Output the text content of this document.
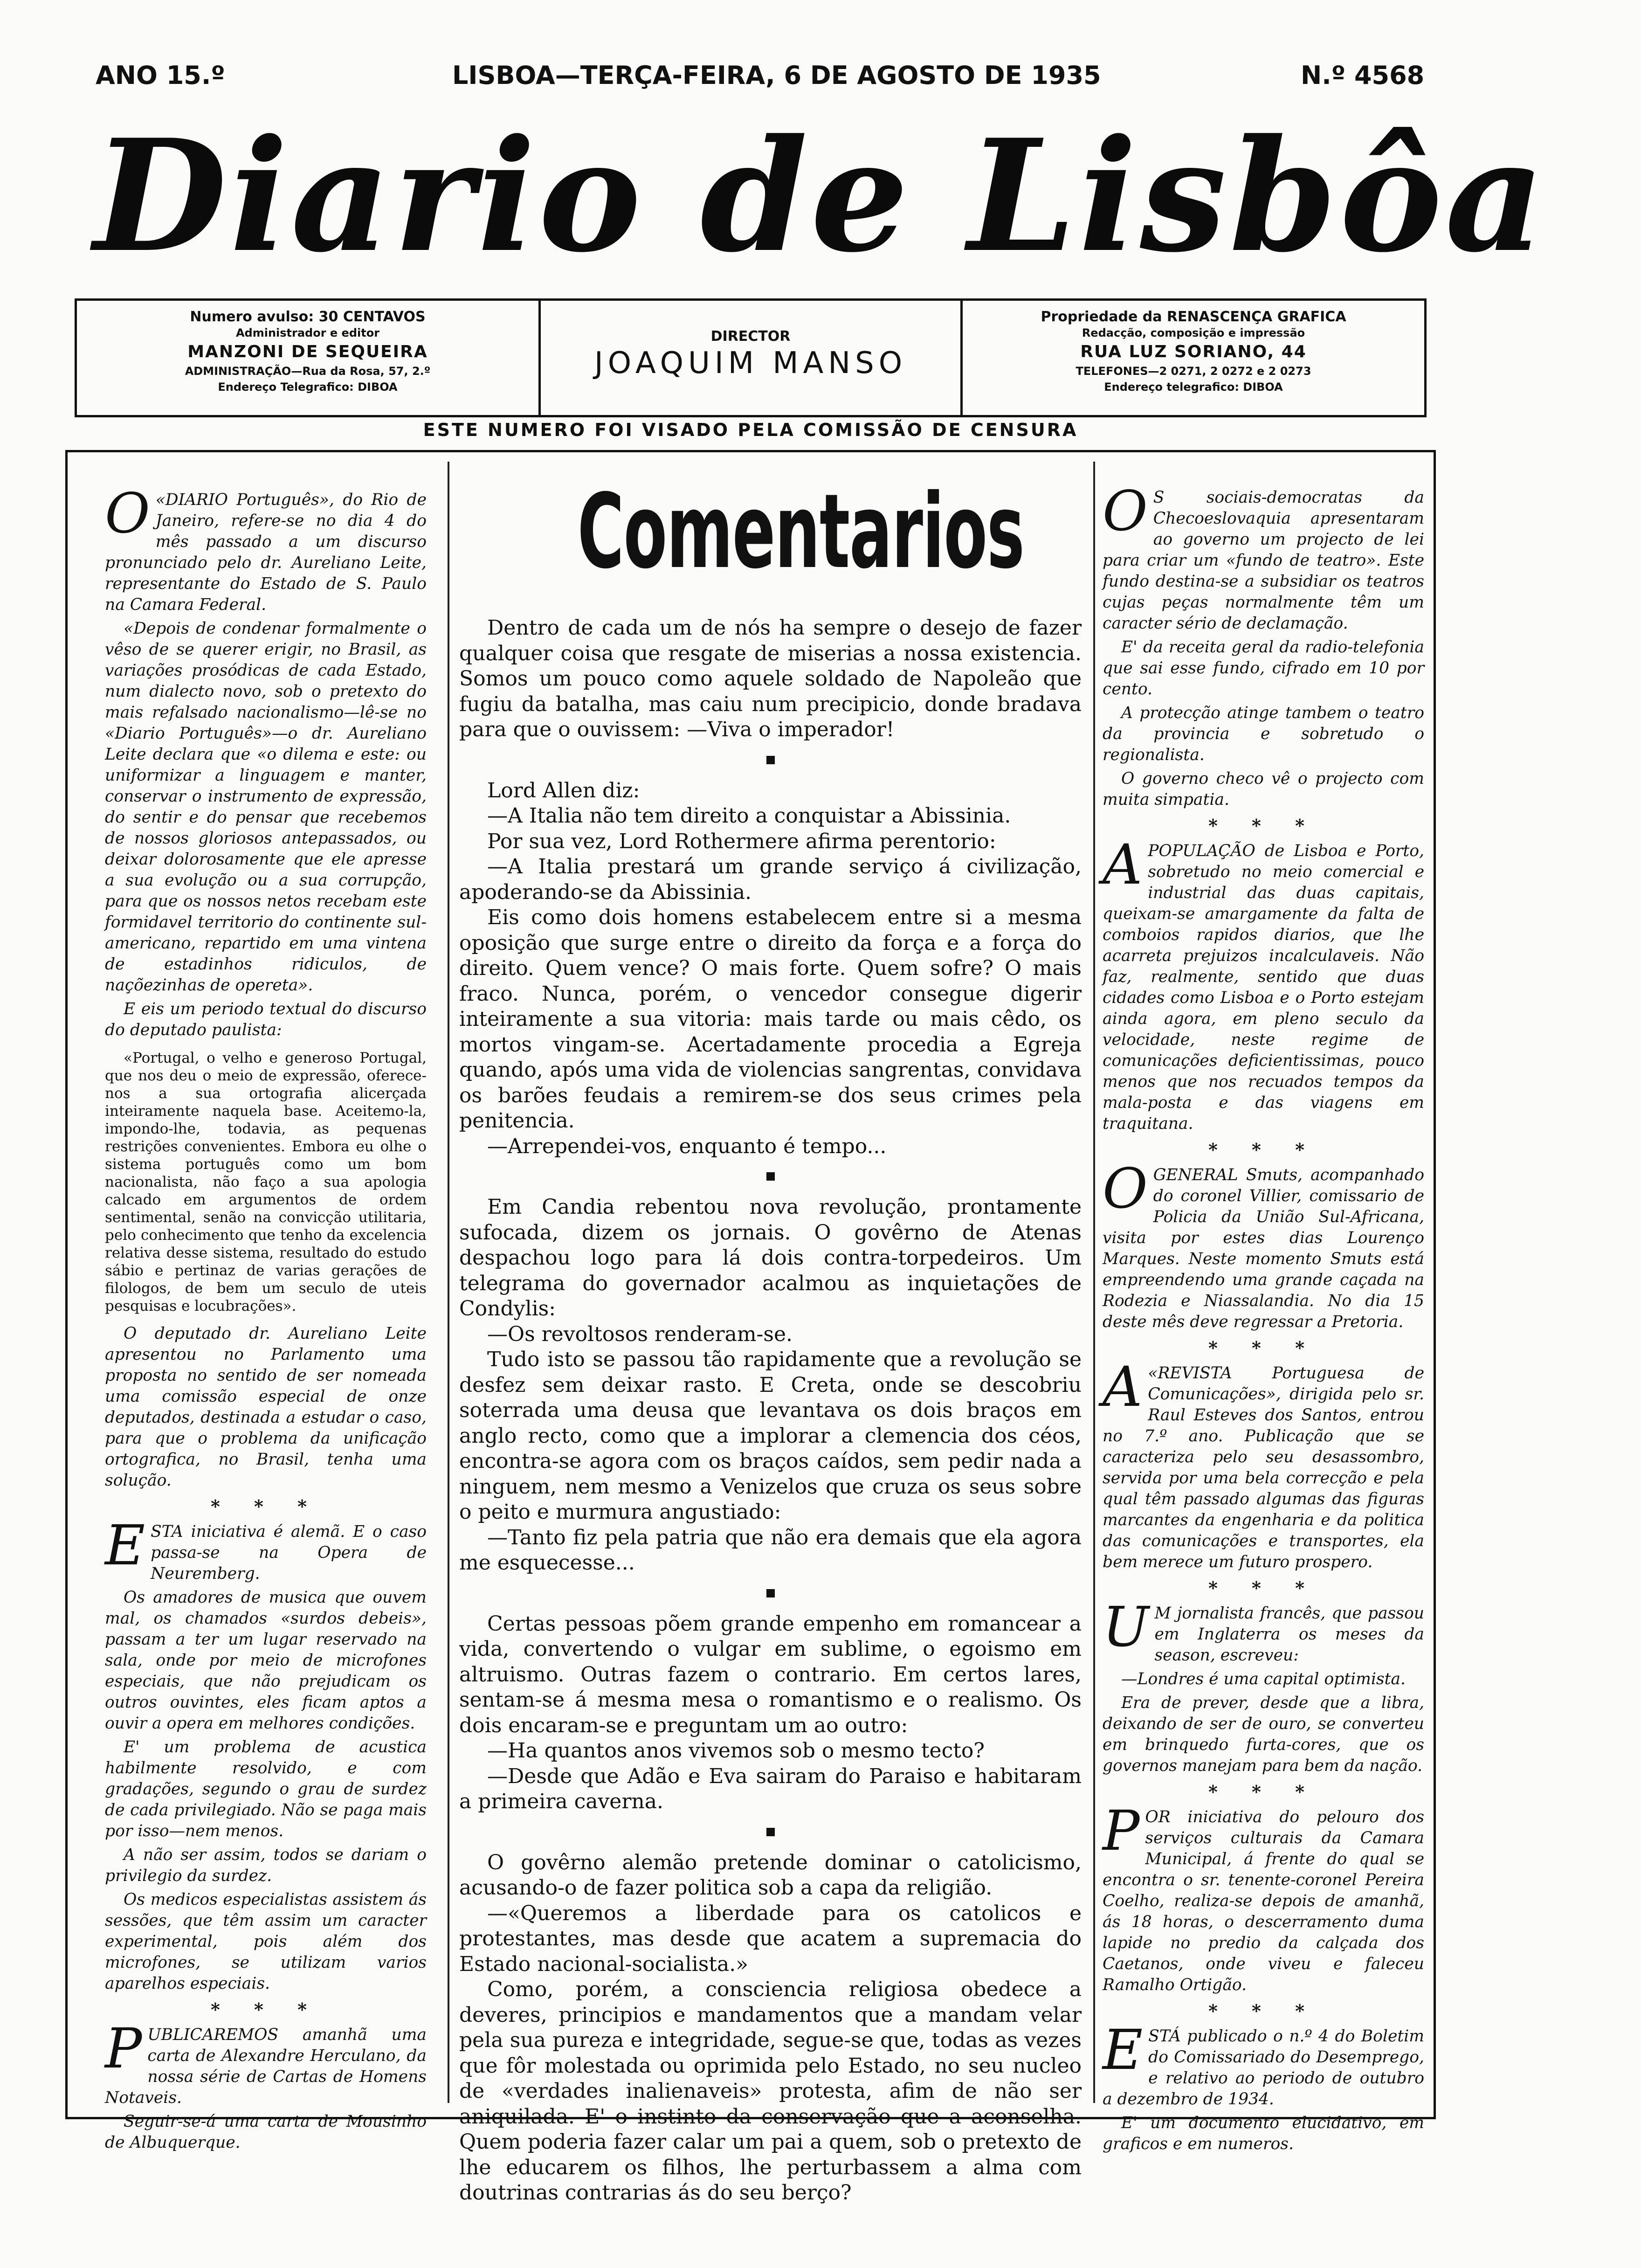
ANO 15.º	LISBOA—TERÇA-FEIRA, 6 DE AGOSTO DE 1935	N.º 4568
Diario de Lisbôa
Numero avulso: 30 CENTAVOS
Administrador e editor
MANZONI DE SEQUEIRA
ADMINISTRAÇÃO—Rua da Rosa, 57, 2.º
Endereço Telegrafico: DIBOA
DIRECTOR
JOAQUIM MANSO
Propriedade da RENASCENÇA GRAFICA
Redacção, composição e impressão
RUA LUZ SORIANO, 44
TELEFONES—2 0271, 2 0272 e 2 0273
Endereço telegrafico: DIBOA
ESTE NUMERO FOI VISADO PELA COMISSÃO DE CENSURA

O «DIARIO Português», do Rio de Janeiro, refere-se no dia 4 do mês passado a um discurso pronunciado pelo dr. Aureliano Leite, representante do Estado de S. Paulo na Camara Federal.

«Depois de condenar formalmente o vêso de se querer erigir, no Brasil, as variações prosódicas de cada Estado, num dialecto novo, sob o pretexto do mais refalsado nacionalismo—lê-se no «Diario Português»—o dr. Aureliano Leite declara que «o dilema e este: ou uniformizar a linguagem e manter, conservar o instrumento de expressão, do sentir e do pensar que recebemos de nossos gloriosos antepassados, ou deixar dolorosamente que ele apresse a sua evolução ou a sua corrupção, para que os nossos netos recebam este formidavel territorio do continente sul-americano, repartido em uma vintena de estadinhos ridiculos, de naçõezinhas de opereta».

E eis um periodo textual do discurso do deputado paulista:

«Portugal, o velho e generoso Portugal, que nos deu o meio de expressão, oferece-nos a sua ortografia alicerçada inteiramente naquela base. Aceitemo-la, impondo-lhe, todavia, as pequenas restrições convenientes. Embora eu olhe o sistema português como um bom nacionalista, não faço a sua apologia calcado em argumentos de ordem sentimental, senão na convicção utilitaria, pelo conhecimento que tenho da excelencia relativa desse sistema, resultado do estudo sábio e pertinaz de varias gerações de filologos, de bem um seculo de uteis pesquisas e locubrações».

O deputado dr. Aureliano Leite apresentou no Parlamento uma proposta no sentido de ser nomeada uma comissão especial de onze deputados, destinada a estudar o caso, para que o problema da unificação ortografica, no Brasil, tenha uma solução.

* * *

ESTA iniciativa é alemã. E o caso passa-se na Opera de Neuremberg.

Os amadores de musica que ouvem mal, os chamados «surdos debeis», passam a ter um lugar reservado na sala, onde por meio de microfones especiais, que não prejudicam os outros ouvintes, eles ficam aptos a ouvir a opera em melhores condições.

E' um problema de acustica habilmente resolvido, e com gradações, segundo o grau de surdez de cada privilegiado. Não se paga mais por isso—nem menos.

A não ser assim, todos se dariam o privilegio da surdez.

Os medicos especialistas assistem ás sessões, que têm assim um caracter experimental, pois além dos microfones, se utilizam varios aparelhos especiais.

* * *

PUBLICAREMOS amanhã uma carta de Alexandre Herculano, da nossa série de Cartas de Homens Notaveis.

Seguir-se-á uma carta de Mousinho de Albuquerque.

Comentarios

Dentro de cada um de nós ha sempre o desejo de fazer qualquer coisa que resgate de miserias a nossa existencia. Somos um pouco como aquele soldado de Napoleão que fugiu da batalha, mas caiu num precipicio, donde bradava para que o ouvissem: —Viva o imperador!

Lord Allen diz:

—A Italia não tem direito a conquistar a Abissinia.

Por sua vez, Lord Rothermere afirma perentorio:

—A Italia prestará um grande serviço á civilização, apoderando-se da Abissinia.

Eis como dois homens estabelecem entre si a mesma oposição que surge entre o direito da força e a força do direito. Quem vence? O mais forte. Quem sofre? O mais fraco. Nunca, porém, o vencedor consegue digerir inteiramente a sua vitoria: mais tarde ou mais cêdo, os mortos vingam-se. Acertadamente procedia a Egreja quando, após uma vida de violencias sangrentas, convidava os barões feudais a remirem-se dos seus crimes pela penitencia.

—Arrependei-vos, enquanto é tempo...

Em Candia rebentou nova revolução, prontamente sufocada, dizem os jornais. O govêrno de Atenas despachou logo para lá dois contra-torpedeiros. Um telegrama do governador acalmou as inquietações de Condylis:

—Os revoltosos renderam-se.

Tudo isto se passou tão rapidamente que a revolução se desfez sem deixar rasto. E Creta, onde se descobriu soterrada uma deusa que levantava os dois braços em anglo recto, como que a implorar a clemencia dos céos, encontra-se agora com os braços caídos, sem pedir nada a ninguem, nem mesmo a Venizelos que cruza os seus sobre o peito e murmura angustiado:

—Tanto fiz pela patria que não era demais que ela agora me esquecesse...

Certas pessoas põem grande empenho em romancear a vida, convertendo o vulgar em sublime, o egoismo em altruismo. Outras fazem o contrario. Em certos lares, sentam-se á mesma mesa o romantismo e o realismo. Os dois encaram-se e preguntam um ao outro:

—Ha quantos anos vivemos sob o mesmo tecto?

—Desde que Adão e Eva sairam do Paraiso e habitaram a primeira caverna.

O govêrno alemão pretende dominar o catolicismo, acusando-o de fazer politica sob a capa da religião.

—«Queremos a liberdade para os catolicos e protestantes, mas desde que acatem a supremacia do Estado nacional-socialista.»

Como, porém, a consciencia religiosa obedece a deveres, principios e mandamentos que a mandam velar pela sua pureza e integridade, segue-se que, todas as vezes que fôr molestada ou oprimida pelo Estado, no seu nucleo de «verdades inalienaveis» protesta, afim de não ser aniquilada. E' o instinto da conservação que a aconselha. Quem poderia fazer calar um pai a quem, sob o pretexto de lhe educarem os filhos, lhe perturbassem a alma com doutrinas contrarias ás do seu berço?

O S sociais-democratas da Checoeslovaquia apresentaram ao governo um projecto de lei para criar um «fundo de teatro». Este fundo destina-se a subsidiar os teatros cujas peças normalmente têm um caracter sério de declamação.

E' da receita geral da radio-telefonia que sai esse fundo, cifrado em 10 por cento.

A protecção atinge tambem o teatro da provincia e sobretudo o regionalista.

O governo checo vê o projecto com muita simpatia.

* * *

APOPULAÇÃO de Lisboa e Porto, sobretudo no meio comercial e industrial das duas capitais, queixam-se amargamente da falta de comboios rapidos diarios, que lhe acarreta prejuizos incalculaveis. Não faz, realmente, sentido que duas cidades como Lisboa e o Porto estejam ainda agora, em pleno seculo da velocidade, neste regime de comunicações deficientissimas, pouco menos que nos recuados tempos da mala-posta e das viagens em traquitana.

* * *

OGENERAL Smuts, acompanhado do coronel Villier, comissario de Policia da União Sul-Africana, visita por estes dias Lourenço Marques. Neste momento Smuts está empreendendo uma grande caçada na Rodezia e Niassalandia. No dia 15 deste mês deve regressar a Pretoria.

* * *

A «REVISTA Portuguesa de Comunicações», dirigida pelo sr. Raul Esteves dos Santos, entrou no 7.º ano. Publicação que se caracteriza pelo seu desassombro, servida por uma bela correcção e pela qual têm passado algumas das figuras marcantes da engenharia e da politica das comunicações e transportes, ela bem merece um futuro prospero.

* * *

U M jornalista francês, que passou em Inglaterra os meses da season, escreveu:

—Londres é uma capital optimista.

Era de prever, desde que a libra, deixando de ser de ouro, se converteu em brinquedo furta-cores, que os governos manejam para bem da nação.

* * *

POR iniciativa do pelouro dos serviços culturais da Camara Municipal, á frente do qual se encontra o sr. tenente-coronel Pereira Coelho, realiza-se depois de amanhã, ás 18 horas, o descerramento duma lapide no predio da calçada dos Caetanos, onde viveu e faleceu Ramalho Ortigão.

* * *

ESTÁ publicado o n.º 4 do Boletim do Comissariado do Desemprego, e relativo ao periodo de outubro a dezembro de 1934.

E' um documento elucidativo, em graficos e em numeros.
